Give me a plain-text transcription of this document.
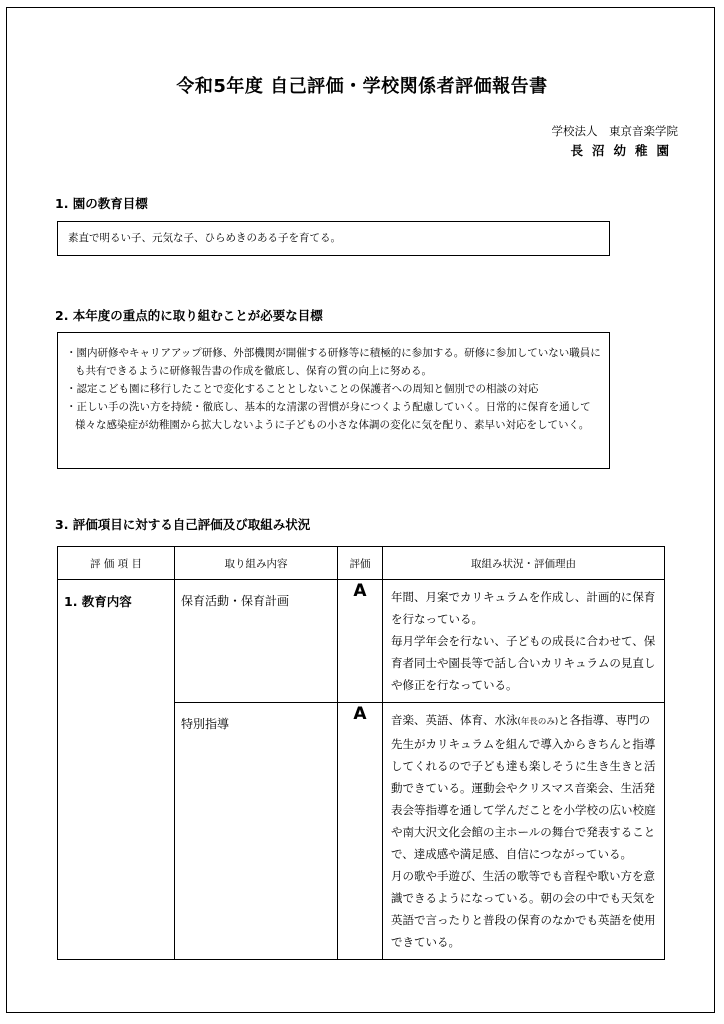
令和5年度 自己評価・学校関係者評価報告書
学校法人　東京音楽学院
長沼幼稚園
1. 園の教育目標
素直で明るい子、元気な子、ひらめきのある子を育てる。
2. 本年度の重点的に取り組むことが必要な目標
・園内研修やキャリアアップ研修、外部機関が開催する研修等に積極的に参加する。研修に参加していない職員にも共有できるように研修報告書の作成を徹底し、保育の質の向上に努める。
・認定こども園に移行したことで変化することとしないことの保護者への周知と個別での相談の対応
・正しい手の洗い方を持続・徹底し、基本的な清潔の習慣が身につくよう配慮していく。日常的に保育を通して様々な感染症が幼稚園から拡大しないように子どもの小さな体調の変化に気を配り、素早い対応をしていく。
3. 評価項目に対する自己評価及び取組み状況
評 価 項 目	取り組み内容	評価	取組み状況・評価理由
1. 教育内容	保育活動・保育計画	A	年間、月案でカリキュラムを作成し、計画的に保育を行なっている。
毎月学年会を行ない、子どもの成長に合わせて、保育者同士や園長等で話し合いカリキュラムの見直しや修正を行なっている。

	特別指導	A	音楽、英語、体育、水泳(年長のみ)と各指導、専門の先生がカリキュラムを組んで導入からきちんと指導してくれるので子ども達も楽しそうに生き生きと活動できている。運動会やクリスマス音楽会、生活発表会等指導を通して学んだことを小学校の広い校庭や南大沢文化会館の主ホールの舞台で発表することで、達成感や満足感、自信につながっている。
月の歌や手遊び、生活の歌等でも音程や歌い方を意識できるようになっている。朝の会の中でも天気を英語で言ったりと普段の保育のなかでも英語を使用できている。
